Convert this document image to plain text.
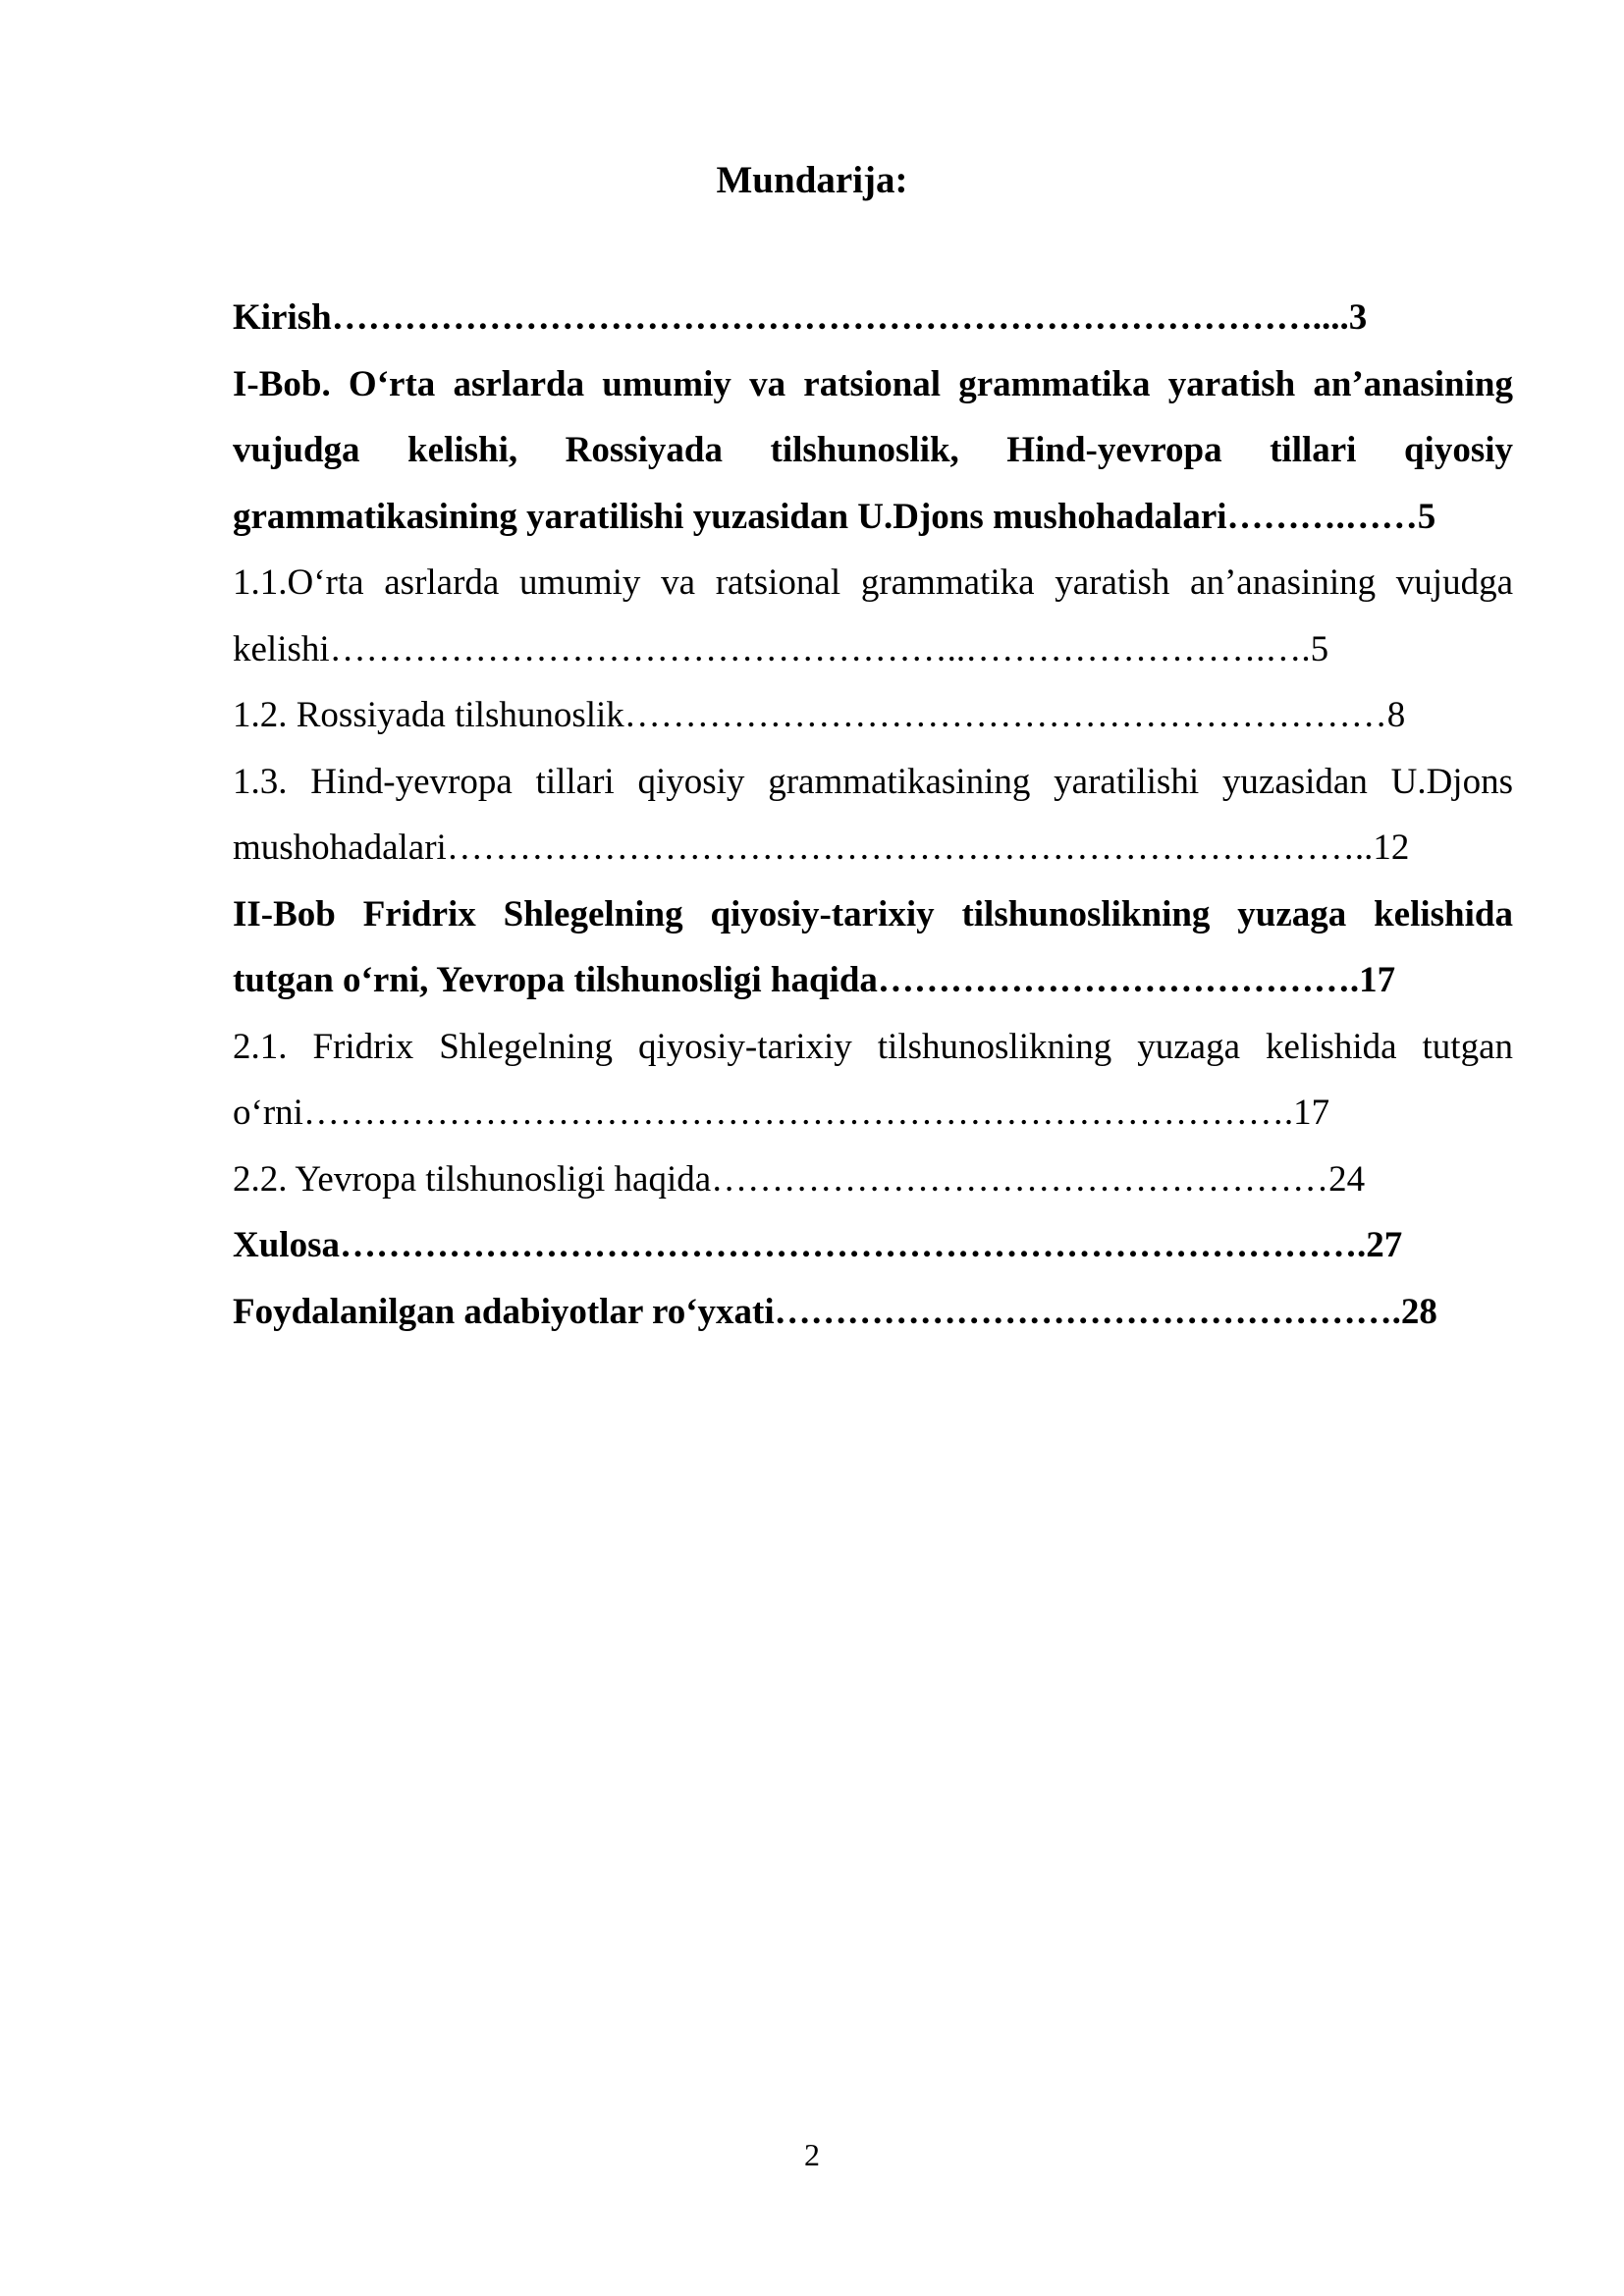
Mundarija:

Kirish………………………………………………………………………....3

I-Bob. O‘rta asrlarda umumiy va ratsional grammatika yaratish an’anasining vujudga kelishi, Rossiyada tilshunoslik, Hind-yevropa tillari qiyosiy grammatikasining yaratilishi yuzasidan U.Djons mushohadalari……….……5

1.1.O‘rta asrlarda umumiy va ratsional grammatika yaratish an’anasining vujudga kelishi……………………………………………..…………………….….5

1.2. Rossiyada tilshunoslik………………………………………………………8

1.3. Hind-yevropa tillari qiyosiy grammatikasining yaratilishi yuzasidan U.Djons mushohadalari…………………………………………………………………..12

II-Bob Fridrix Shlegelning qiyosiy-tarixiy tilshunoslikning yuzaga kelishida tutgan o‘rni, Yevropa tilshunosligi haqida………………………………….17

2.1. Fridrix Shlegelning qiyosiy-tarixiy tilshunoslikning yuzaga kelishida tutgan o‘rni……………………………………………………………………….17

2.2. Yevropa tilshunosligi haqida……………………………………………24

Xulosa………………………………………………………………………….27

Foydalanilgan adabiyotlar ro‘yxati…………………………………………….28

2
